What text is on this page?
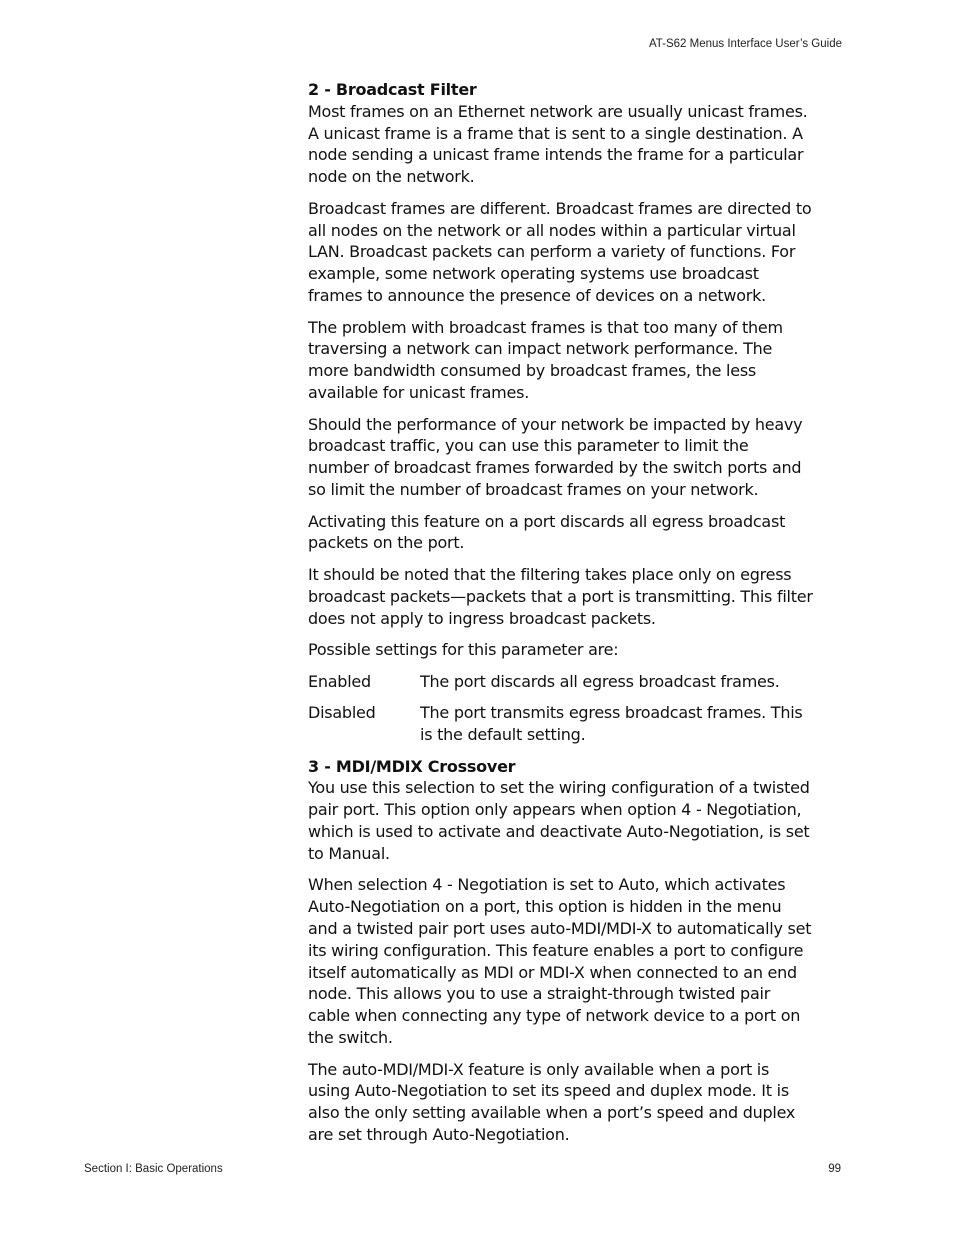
AT-S62 Menus Interface User’s Guide

2 - Broadcast Filter

Most frames on an Ethernet network are usually unicast frames. A unicast frame is a frame that is sent to a single destination. A node sending a unicast frame intends the frame for a particular node on the network.

Broadcast frames are different. Broadcast frames are directed to all nodes on the network or all nodes within a particular virtual LAN. Broadcast packets can perform a variety of functions. For example, some network operating systems use broadcast frames to announce the presence of devices on a network.

The problem with broadcast frames is that too many of them traversing a network can impact network performance. The more bandwidth consumed by broadcast frames, the less available for unicast frames.

Should the performance of your network be impacted by heavy broadcast traffic, you can use this parameter to limit the number of broadcast frames forwarded by the switch ports and so limit the number of broadcast frames on your network.

Activating this feature on a port discards all egress broadcast packets on the port.

It should be noted that the filtering takes place only on egress broadcast packets—packets that a port is transmitting. This filter does not apply to ingress broadcast packets.

Possible settings for this parameter are:

Enabled	The port discards all egress broadcast frames.
Disabled	The port transmits egress broadcast frames. This is the default setting.

3 - MDI/MDIX Crossover

You use this selection to set the wiring configuration of a twisted pair port. This option only appears when option 4 - Negotiation, which is used to activate and deactivate Auto-Negotiation, is set to Manual.

When selection 4 - Negotiation is set to Auto, which activates Auto-Negotiation on a port, this option is hidden in the menu and a twisted pair port uses auto-MDI/MDI-X to automatically set its wiring configuration. This feature enables a port to configure itself automatically as MDI or MDI-X when connected to an end node. This allows you to use a straight-through twisted pair cable when connecting any type of network device to a port on the switch.

The auto-MDI/MDI-X feature is only available when a port is using Auto-Negotiation to set its speed and duplex mode. It is also the only setting available when a port’s speed and duplex are set through Auto-Negotiation.

Section I: Basic Operations	99
